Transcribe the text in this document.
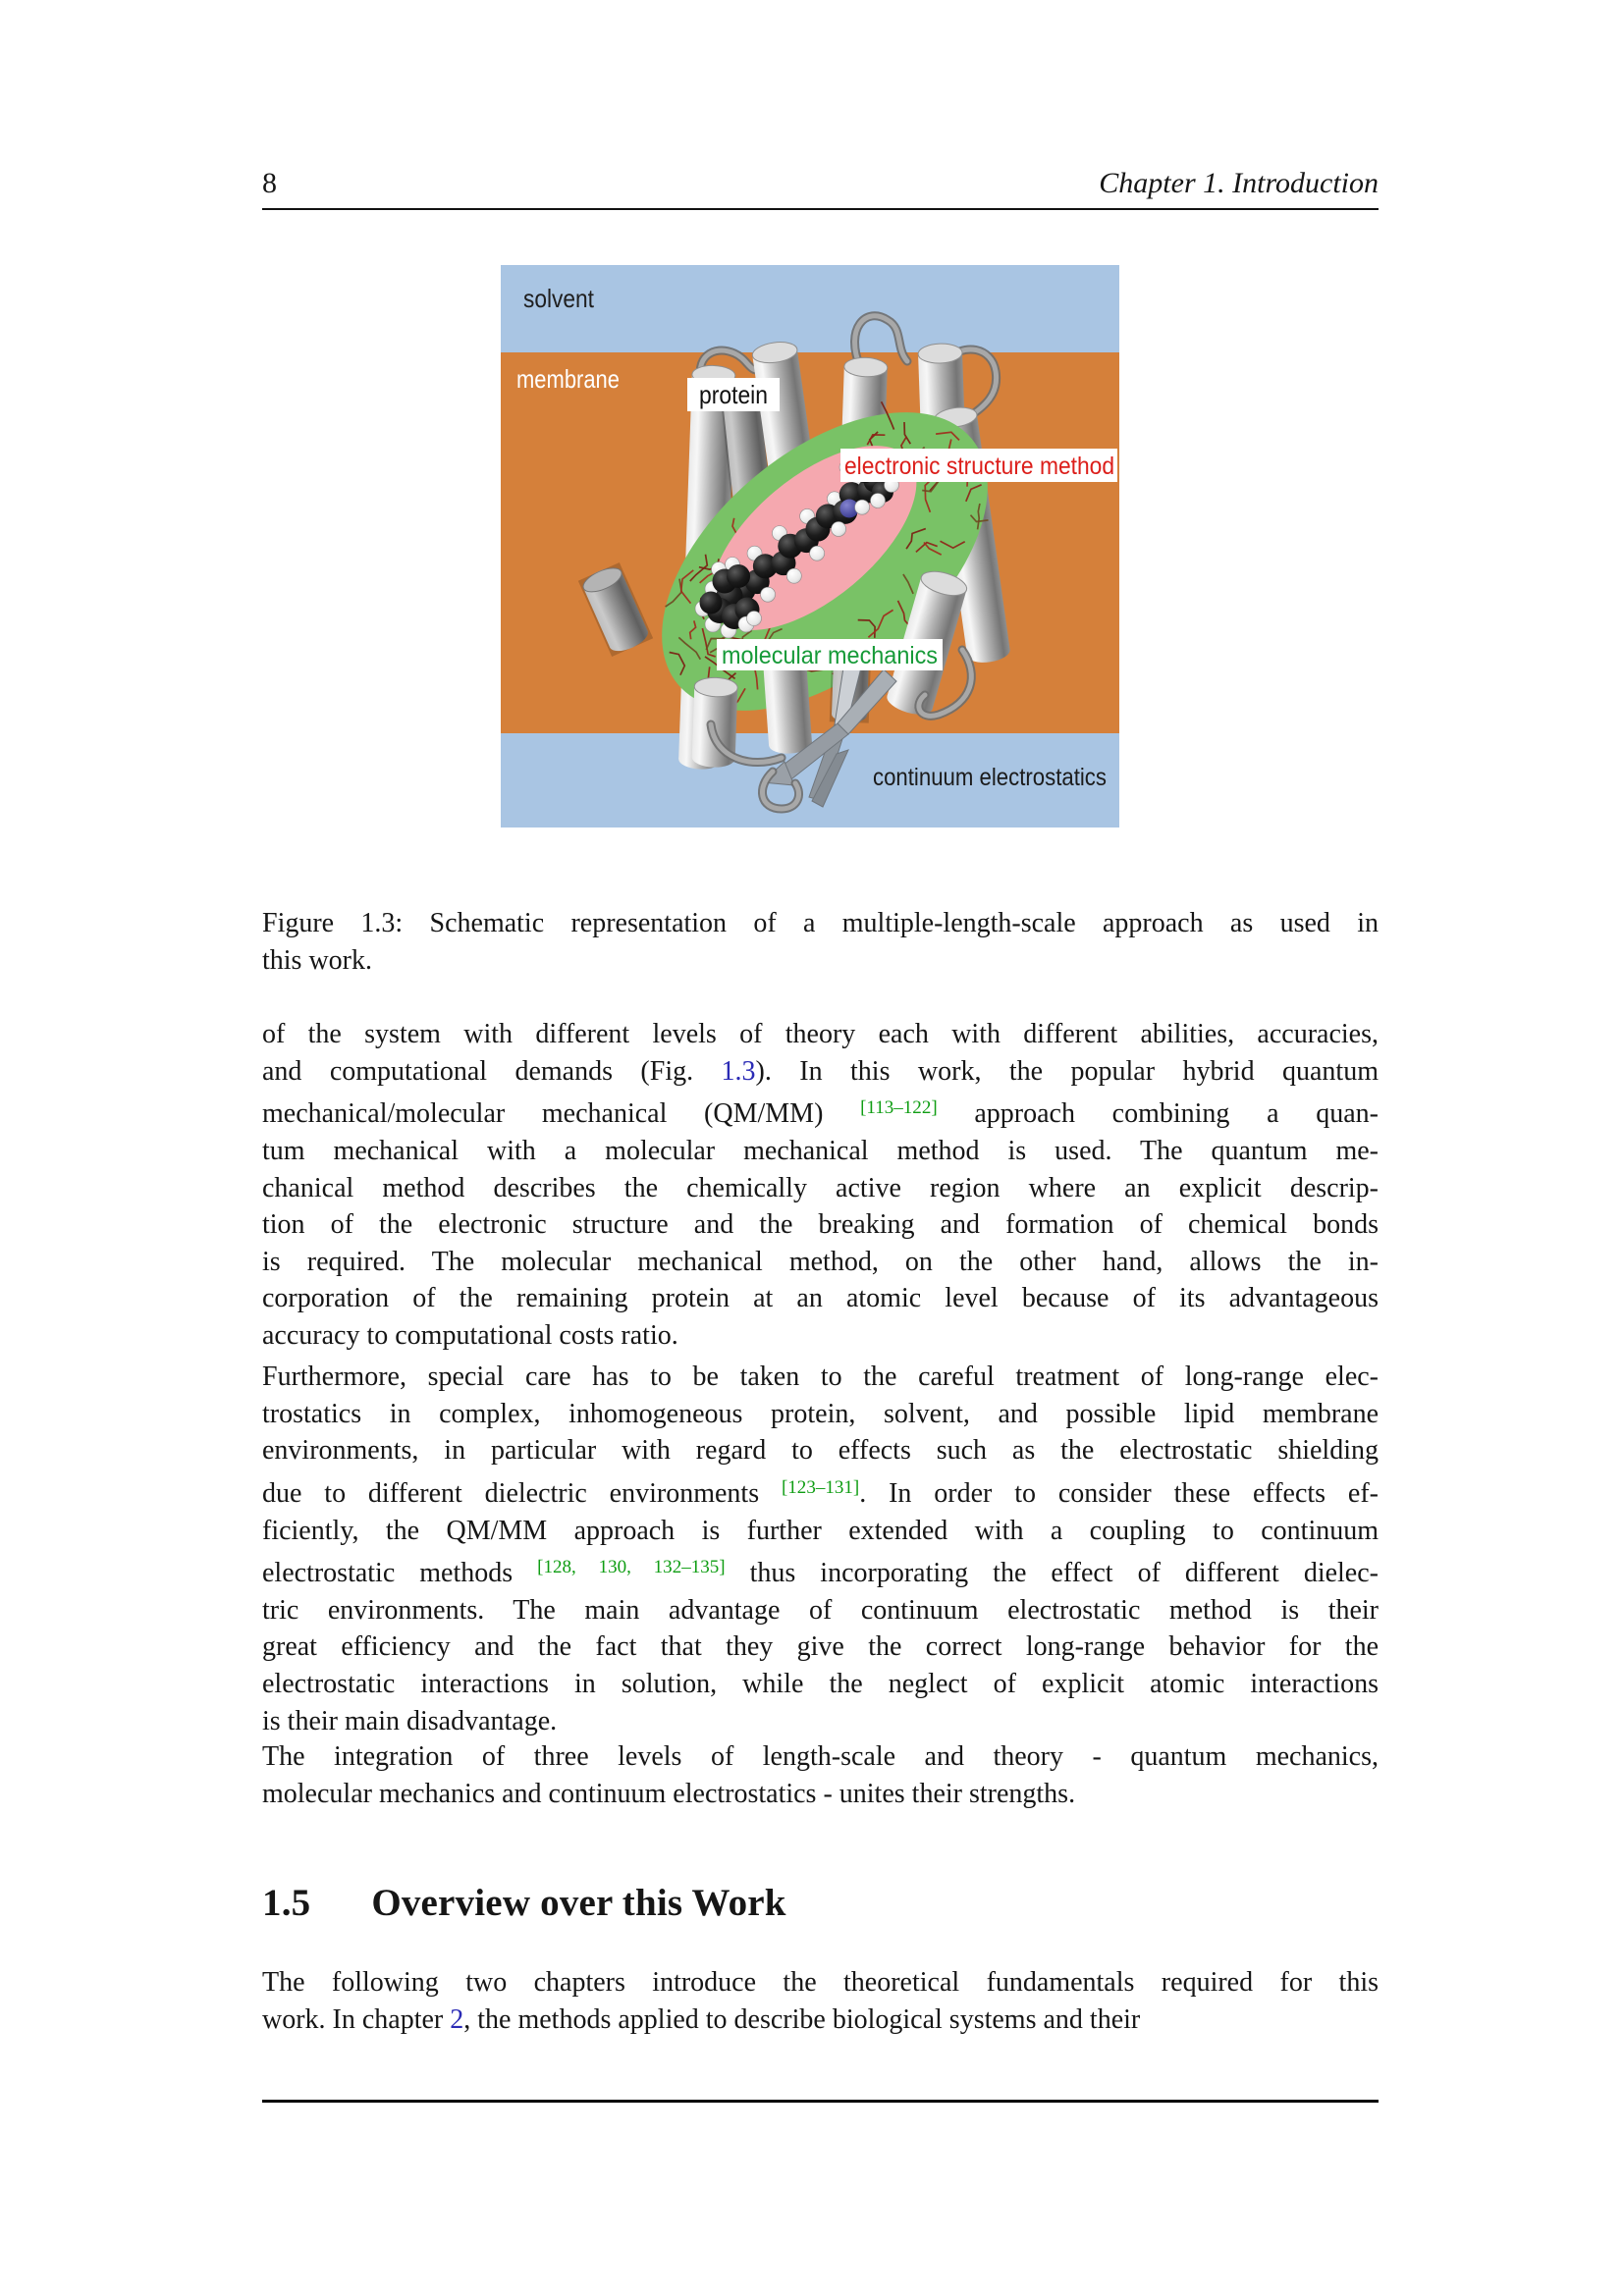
8	Chapter 1. Introduction
solvent
membrane
protein
electronic structure method
molecular mechanics
continuum electrostatics
Figure 1.3: Schematic representation of a multiple-length-scale approach as used in
this work.
of the system with different levels of theory each with different abilities, accuracies,
and computational demands (Fig. 1.3). In this work, the popular hybrid quantum
mechanical/molecular mechanical (QM/MM) [113–122] approach combining a quan-
tum mechanical with a molecular mechanical method is used. The quantum me-
chanical method describes the chemically active region where an explicit descrip-
tion of the electronic structure and the breaking and formation of chemical bonds
is required. The molecular mechanical method, on the other hand, allows the in-
corporation of the remaining protein at an atomic level because of its advantageous
accuracy to computational costs ratio.
Furthermore, special care has to be taken to the careful treatment of long-range elec-
trostatics in complex, inhomogeneous protein, solvent, and possible lipid membrane
environments, in particular with regard to effects such as the electrostatic shielding
due to different dielectric environments [123–131]. In order to consider these effects ef-
ficiently, the QM/MM approach is further extended with a coupling to continuum
electrostatic methods [128, 130, 132–135] thus incorporating the effect of different dielec-
tric environments. The main advantage of continuum electrostatic method is their
great efficiency and the fact that they give the correct long-range behavior for the
electrostatic interactions in solution, while the neglect of explicit atomic interactions
is their main disadvantage.
The integration of three levels of length-scale and theory - quantum mechanics,
molecular mechanics and continuum electrostatics - unites their strengths.
1.5 Overview over this Work
The following two chapters introduce the theoretical fundamentals required for this
work. In chapter 2, the methods applied to describe biological systems and their
